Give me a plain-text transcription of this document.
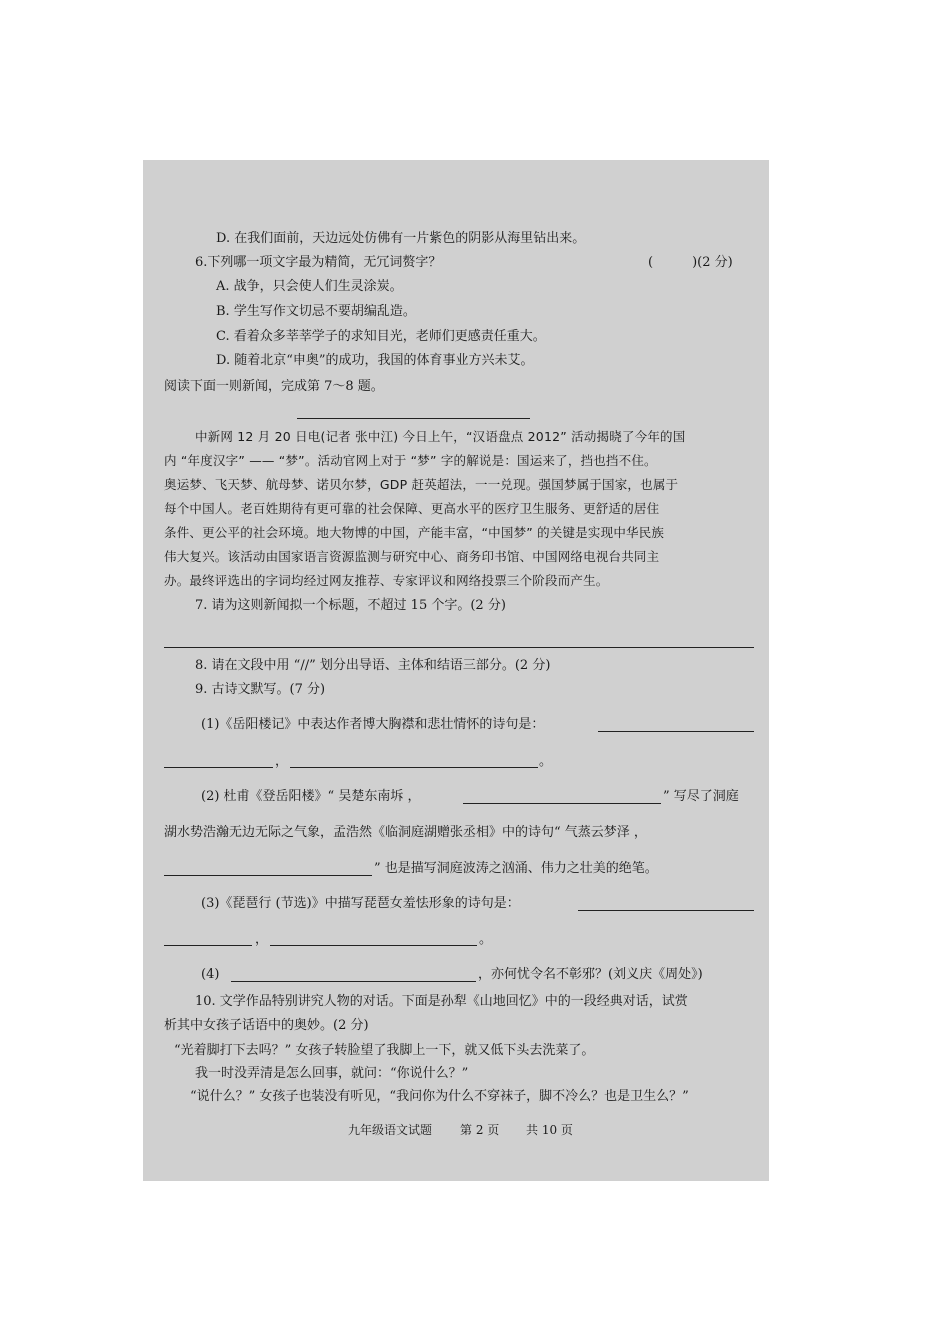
D. 在我们面前，天边远处仿佛有一片紫色的阴影从海里钻出来。
6.下列哪一项文字最为精简，无冗词赘字？	(　　　)(2 分)
A. 战争，只会使人们生灵涂炭。
B. 学生写作文切忌不要胡编乱造。
C. 看着众多莘莘学子的求知目光，老师们更感责任重大。
D. 随着北京“申奥”的成功，我国的体育事业方兴未艾。
阅读下面一则新闻，完成第 7～8 题。
中新网 12 月 20 日电(记者 张中江) 今日上午，“汉语盘点 2012” 活动揭晓了今年的国
内 “年度汉字” —— “梦”。活动官网上对于 “梦” 字的解说是：国运来了，挡也挡不住。
奥运梦、飞天梦、航母梦、诺贝尔梦，GDP 赶英超法，一一兑现。强国梦属于国家，也属于
每个中国人。老百姓期待有更可靠的社会保障、更高水平的医疗卫生服务、更舒适的居住
条件、更公平的社会环境。地大物博的中国，产能丰富，“中国梦” 的关键是实现中华民族
伟大复兴。该活动由国家语言资源监测与研究中心、商务印书馆、中国网络电视台共同主
办。最终评选出的字词均经过网友推荐、专家评议和网络投票三个阶段而产生。
7. 请为这则新闻拟一个标题，不超过 15 个字。(2 分)
8. 请在文段中用 “//” 划分出导语、主体和结语三部分。(2 分)
9. 古诗文默写。(7 分)
(1)《岳阳楼记》中表达作者博大胸襟和悲壮情怀的诗句是：
，	。
(2) 杜甫《登岳阳楼》“ 吴楚东南坼 ，	” 写尽了洞庭
湖水势浩瀚无边无际之气象，孟浩然《临洞庭湖赠张丞相》中的诗句“ 气蒸云梦泽 ，
” 也是描写洞庭波涛之汹涌、伟力之壮美的绝笔。
(3)《琵琶行 (节选)》中描写琵琶女羞怯形象的诗句是：
，	。
(4)	，亦何忧令名不彰邪？(刘义庆《周处》)
10. 文学作品特别讲究人物的对话。下面是孙犁《山地回忆》中的一段经典对话，试赏
析其中女孩子话语中的奥妙。(2 分)
“光着脚打下去吗？” 女孩子转脸望了我脚上一下，就又低下头去洗菜了。
我一时没弄清是怎么回事，就问：“你说什么？”
“说什么？” 女孩子也装没有听见，“我问你为什么不穿袜子，脚不冷么？也是卫生么？”
九年级语文试题 第 2 页 共 10 页
